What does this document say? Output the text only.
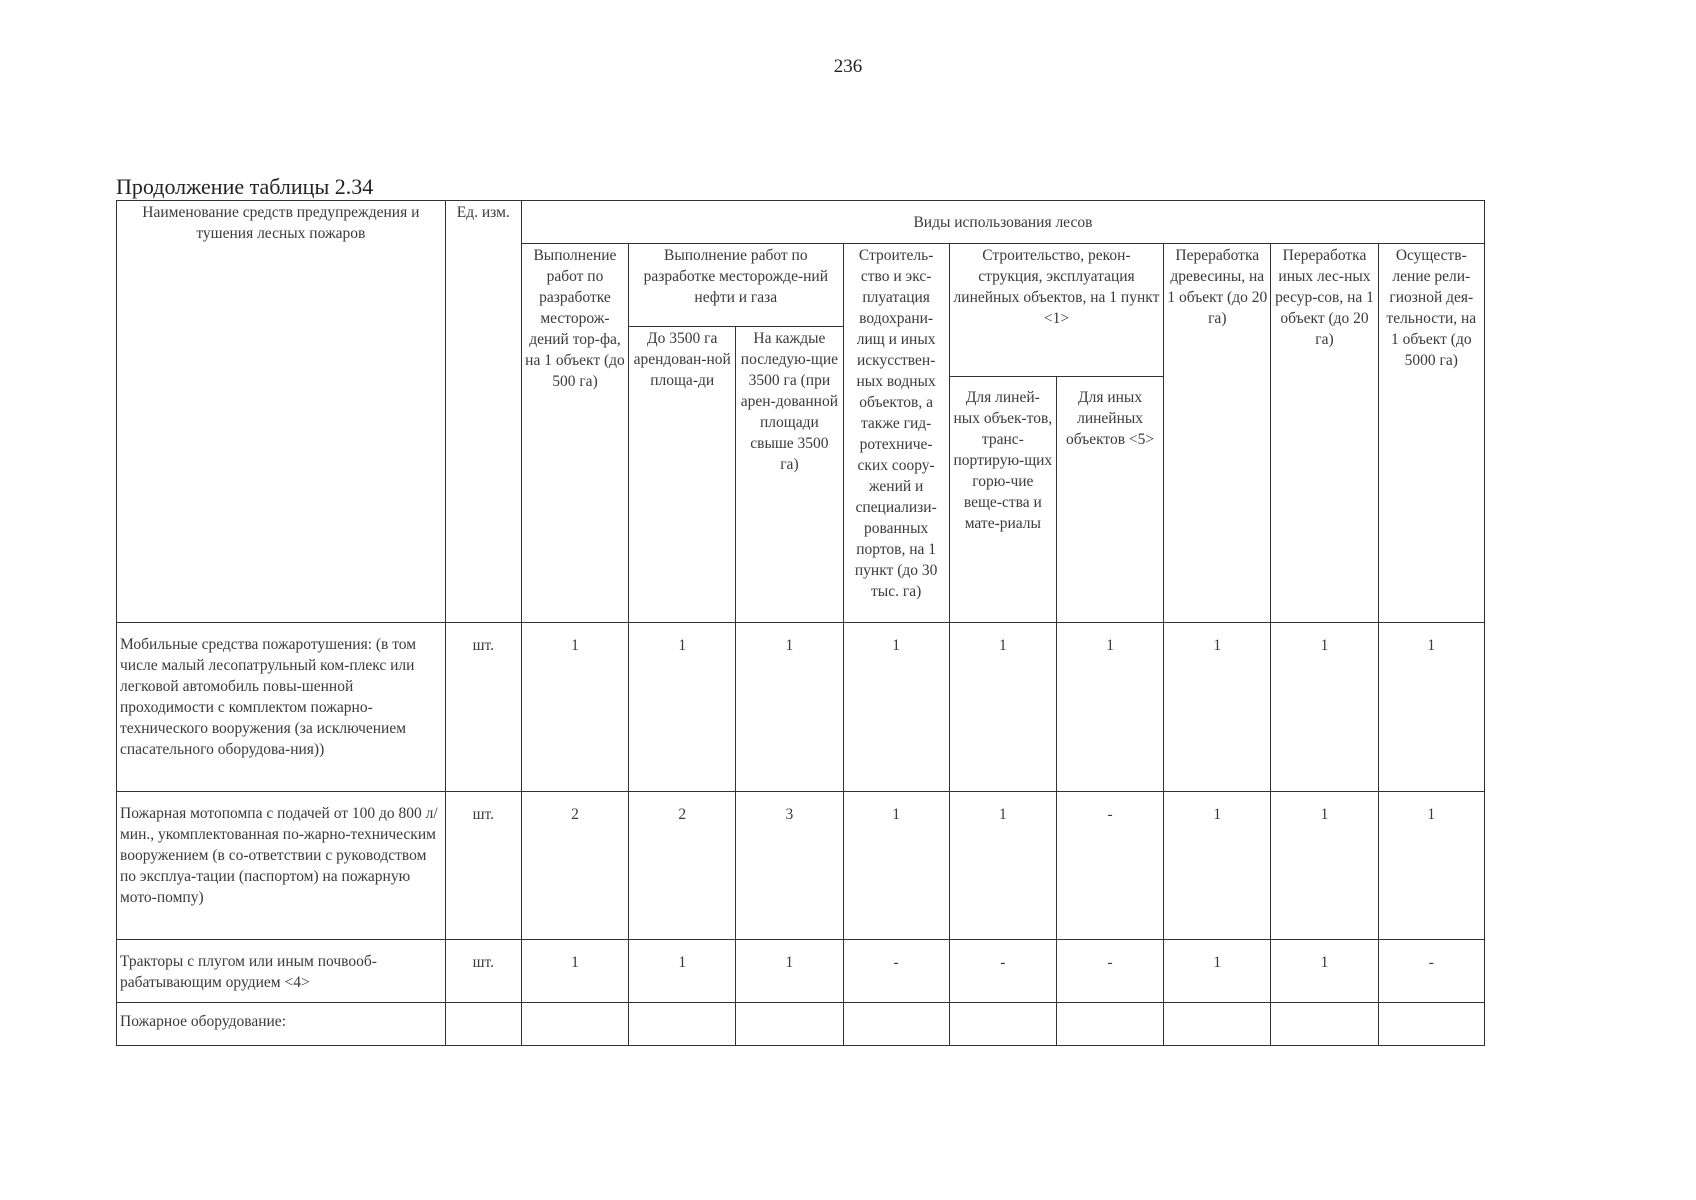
236
Продолжение таблицы 2.34
Наименование средств предупреждения и тушения лесных пожаров	Ед. изм.	Виды использования лесов								
		Выполнение работ по разработке месторож-дений тор-фа, на 1 объект (до 500 га)	Выполнение работ по разработке месторожде-ний нефти и газа		Строитель-ство и экс-плуатация водохрани-лищ и иных искусствен-ных водных объектов, а также гид-ротехниче-ских соору-жений и специализи-рованных портов, на 1 пункт (до 30 тыс. га)	Строительство, рекон-струкция, эксплуатация линейных объектов, на 1 пункт <1>		Переработка древесины, на 1 объект (до 20 га)	Переработка иных лес-ных ресур-сов, на 1 объект (до 20 га)	Осуществ-ление рели-гиозной дея-тельности, на 1 объект (до 5000 га)
			До 3500 га арендован-ной площа-ди	На каждые последую-щие 3500 га (при арен-дованной площади свыше 3500 га)						
						Для линей-ных объек-тов, транс-портирую-щих горю-чие веще-ства и мате-риалы	Для иных линейных объектов <5>			
Мобильные средства пожаротушения: (в том числе малый лесопатрульный ком-плекс или легковой автомобиль повы-шенной проходимости с комплектом пожарно-технического вооружения (за исключением спасательного оборудова-ния))	шт.	1	1	1	1	1	1	1	1	1
Пожарная мотопомпа с подачей от 100 до 800 л/мин., укомплектованная по-жарно-техническим вооружением (в со-ответствии с руководством по эксплуа-тации (паспортом) на пожарную мото-помпу)	шт.	2	2	3	1	1	-	1	1	1
Тракторы с плугом или иным почвооб-рабатывающим орудием <4>	шт.	1	1	1	-	-	-	1	1	-
Пожарное оборудование:										
